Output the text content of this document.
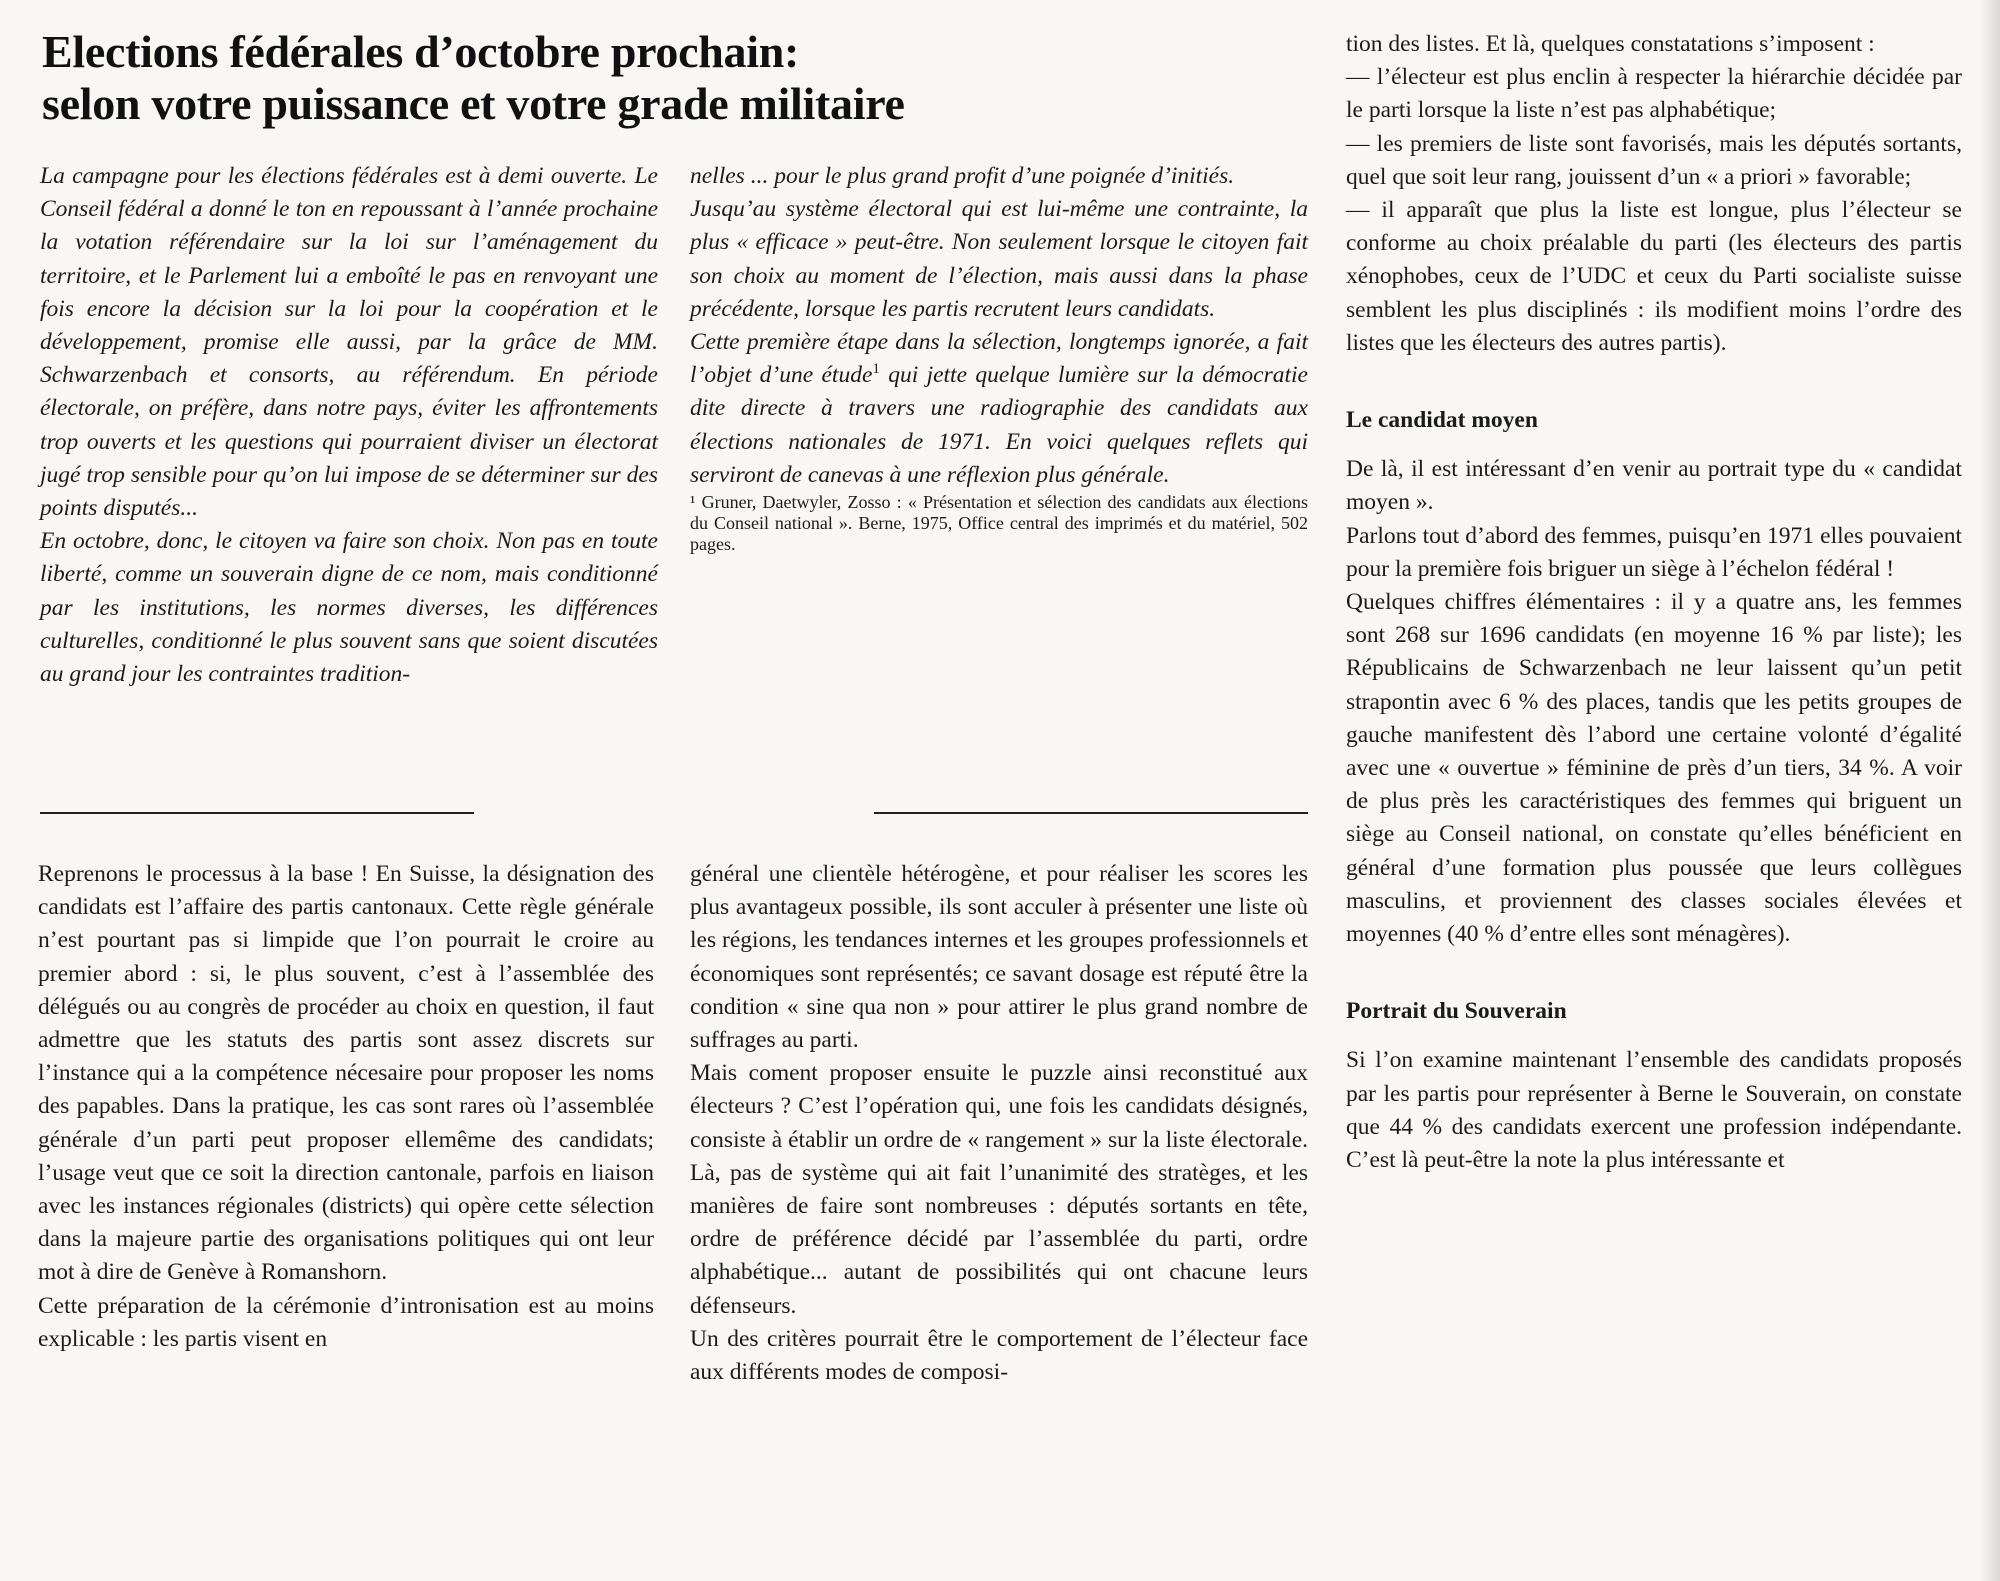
Elections fédérales d’octobre prochain:
selon votre puissance et votre grade militaire

La campagne pour les élections fédérales est à demi ouverte. Le Conseil fédéral a donné le ton en repoussant à l’année prochaine la votation référendaire sur la loi sur l’aménagement du territoire, et le Parlement lui a emboîté le pas en renvoyant une fois encore la décision sur la loi pour la coopération et le développement, promise elle aussi, par la grâce de MM. Schwarzenbach et consorts, au référendum. En période électorale, on préfère, dans notre pays, éviter les affrontements trop ouverts et les questions qui pourraient diviser un électorat jugé trop sensible pour qu’on lui impose de se déterminer sur des points disputés...

En octobre, donc, le citoyen va faire son choix. Non pas en toute liberté, comme un souverain digne de ce nom, mais conditionné par les institutions, les normes diverses, les différences culturelles, conditionné le plus souvent sans que soient discutées au grand jour les contraintes tradition-

nelles ... pour le plus grand profit d’une poignée d’initiés.

Jusqu’au système électoral qui est lui-même une contrainte, la plus « efficace » peut-être. Non seulement lorsque le citoyen fait son choix au moment de l’élection, mais aussi dans la phase précédente, lorsque les partis recrutent leurs candidats.

Cette première étape dans la sélection, longtemps ignorée, a fait l’objet d’une étude$^1$ qui jette quelque lumière sur la démocratie dite directe à travers une radiographie des candidats aux élections nationales de 1971. En voici quelques reflets qui serviront de canevas à une réflexion plus générale.

¹ Gruner, Daetwyler, Zosso : « Présentation et sélection des candidats aux élections du Conseil national ». Berne, 1975, Office central des imprimés et du matériel, 502 pages.

Reprenons le processus à la base ! En Suisse, la désignation des candidats est l’affaire des partis cantonaux. Cette règle générale n’est pourtant pas si limpide que l’on pourrait le croire au premier abord : si, le plus souvent, c’est à l’assemblée des délégués ou au congrès de procéder au choix en question, il faut admettre que les statuts des partis sont assez discrets sur l’instance qui a la compétence nécesaire pour proposer les noms des papables. Dans la pratique, les cas sont rares où l’assemblée générale d’un parti peut proposer ellemême des candidats; l’usage veut que ce soit la direction cantonale, parfois en liaison avec les instances régionales (districts) qui opère cette sélection dans la majeure partie des organisations politiques qui ont leur mot à dire de Genève à Romanshorn.

Cette préparation de la cérémonie d’intronisation est au moins explicable : les partis visent en

général une clientèle hétérogène, et pour réaliser les scores les plus avantageux possible, ils sont acculer à présenter une liste où les régions, les tendances internes et les groupes professionnels et économiques sont représentés; ce savant dosage est réputé être la condition « sine qua non » pour attirer le plus grand nombre de suffrages au parti.

Mais coment proposer ensuite le puzzle ainsi reconstitué aux électeurs ? C’est l’opération qui, une fois les candidats désignés, consiste à établir un ordre de « rangement » sur la liste électorale. Là, pas de système qui ait fait l’unanimité des stratèges, et les manières de faire sont nombreuses : députés sortants en tête, ordre de préférence décidé par l’assemblée du parti, ordre alphabétique... autant de possibilités qui ont chacune leurs défenseurs.

Un des critères pourrait être le comportement de l’électeur face aux différents modes de composi-

tion des listes. Et là, quelques constatations s’imposent :

— l’électeur est plus enclin à respecter la hiérarchie décidée par le parti lorsque la liste n’est pas alphabétique;

— les premiers de liste sont favorisés, mais les députés sortants, quel que soit leur rang, jouissent d’un « a priori » favorable;

— il apparaît que plus la liste est longue, plus l’électeur se conforme au choix préalable du parti (les électeurs des partis xénophobes, ceux de l’UDC et ceux du Parti socialiste suisse semblent les plus disciplinés : ils modifient moins l’ordre des listes que les électeurs des autres partis).

Le candidat moyen

De là, il est intéressant d’en venir au portrait type du « candidat moyen ».

Parlons tout d’abord des femmes, puisqu’en 1971 elles pouvaient pour la première fois briguer un siège à l’échelon fédéral !

Quelques chiffres élémentaires : il y a quatre ans, les femmes sont 268 sur 1696 candidats (en moyenne 16 % par liste); les Républicains de Schwarzenbach ne leur laissent qu’un petit strapontin avec 6 % des places, tandis que les petits groupes de gauche manifestent dès l’abord une certaine volonté d’égalité avec une « ouvertue » féminine de près d’un tiers, 34 %. A voir de plus près les caractéristiques des femmes qui briguent un siège au Conseil national, on constate qu’elles bénéficient en général d’une formation plus poussée que leurs collègues masculins, et proviennent des classes sociales élevées et moyennes (40 % d’entre elles sont ménagères).

Portrait du Souverain

Si l’on examine maintenant l’ensemble des candidats proposés par les partis pour représenter à Berne le Souverain, on constate que 44 % des candidats exercent une profession indépendante. C’est là peut-être la note la plus intéressante et
